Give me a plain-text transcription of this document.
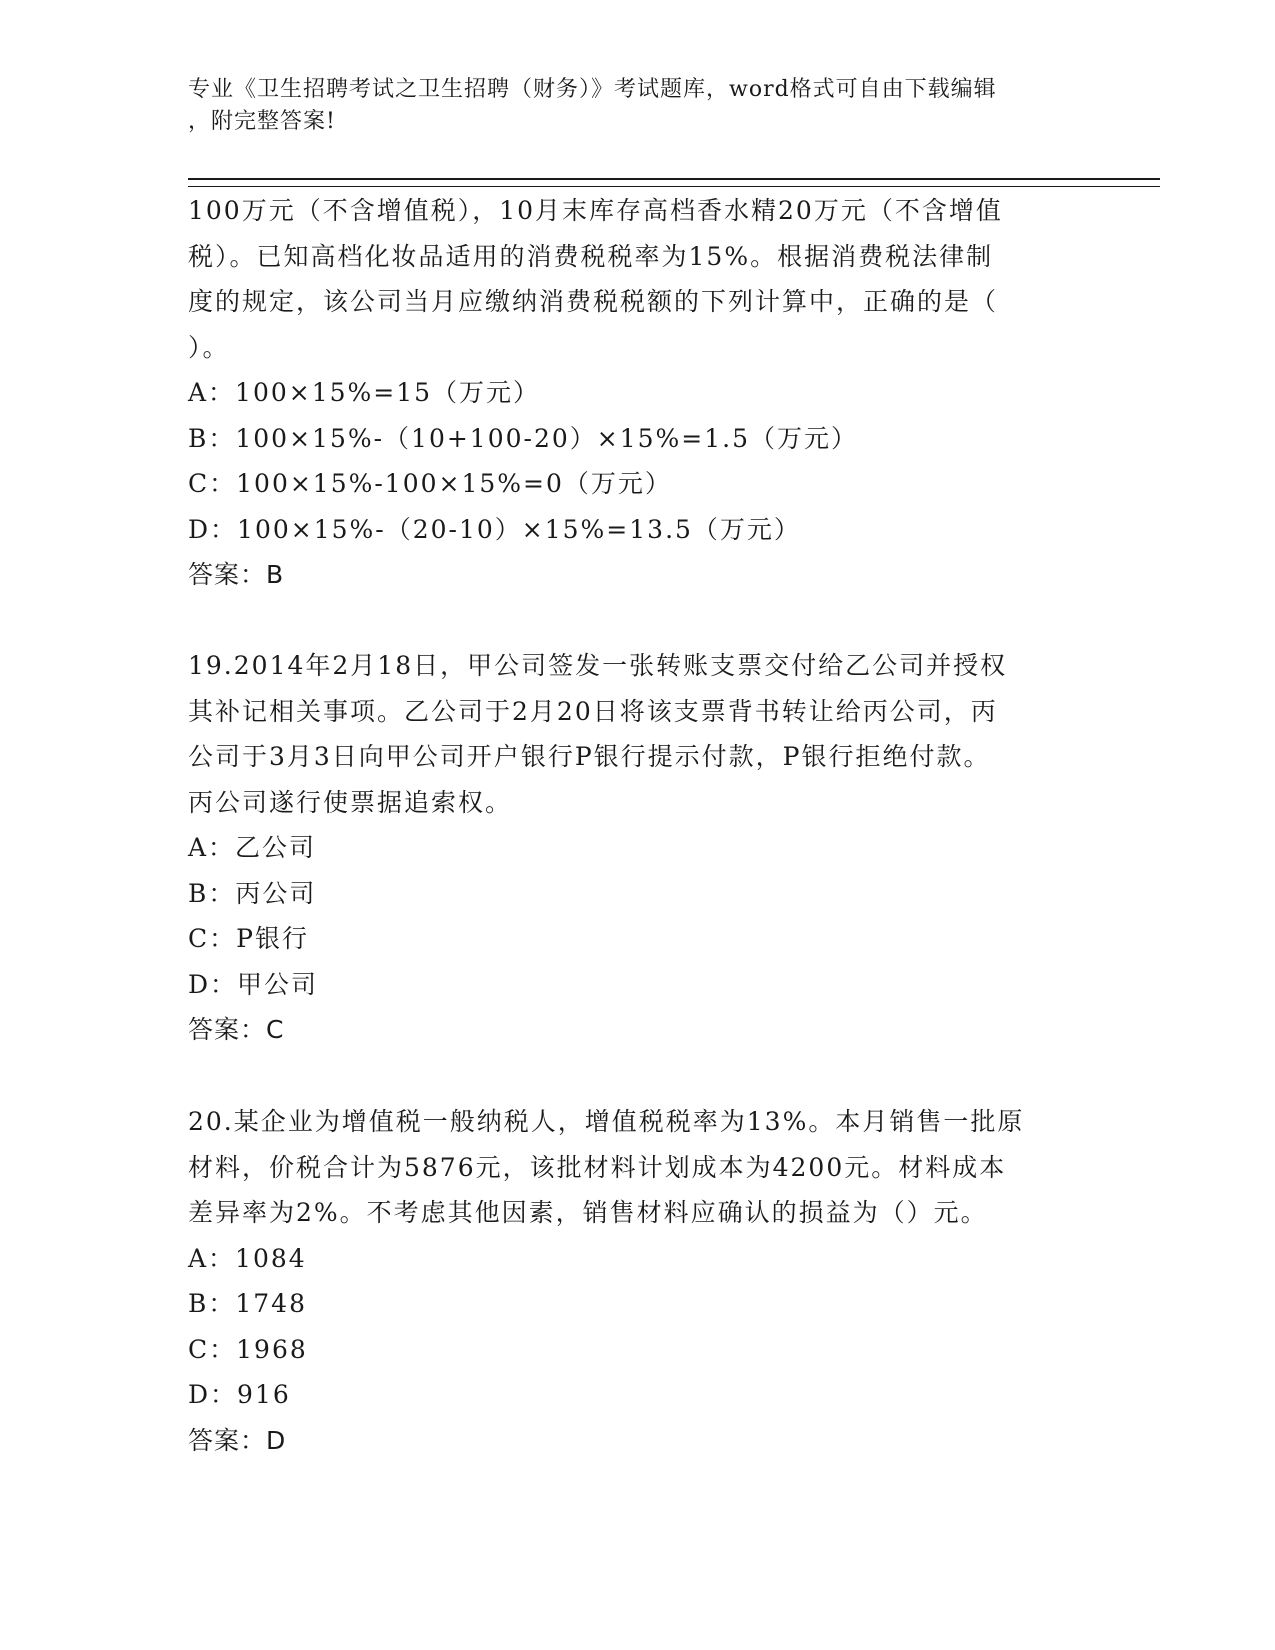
专业《卫生招聘考试之卫生招聘（财务）》考试题库，word格式可自由下载编辑
，附完整答案!
100万元（不含增值税），10月末库存高档香水精20万元（不含增值
税）。已知高档化妆品适用的消费税税率为15%。根据消费税法律制
度的规定，该公司当月应缴纳消费税税额的下列计算中，正确的是（
）。
A：100×15%=15（万元）
B：100×15%-（10+100-20）×15%=1.5（万元）
C：100×15%-100×15%=0（万元）
D：100×15%-（20-10）×15%=13.5（万元）
答案：B
19.2014年2月18日，甲公司签发一张转账支票交付给乙公司并授权
其补记相关事项。乙公司于2月20日将该支票背书转让给丙公司，丙
公司于3月3日向甲公司开户银行P银行提示付款，P银行拒绝付款。
丙公司遂行使票据追索权。
A：乙公司
B：丙公司
C：P银行
D：甲公司
答案：C
20.某企业为增值税一般纳税人，增值税税率为13%。本月销售一批原
材料，价税合计为5876元，该批材料计划成本为4200元。材料成本
差异率为2%。不考虑其他因素，销售材料应确认的损益为（）元。
A：1084
B：1748
C：1968
D：916
答案：D
